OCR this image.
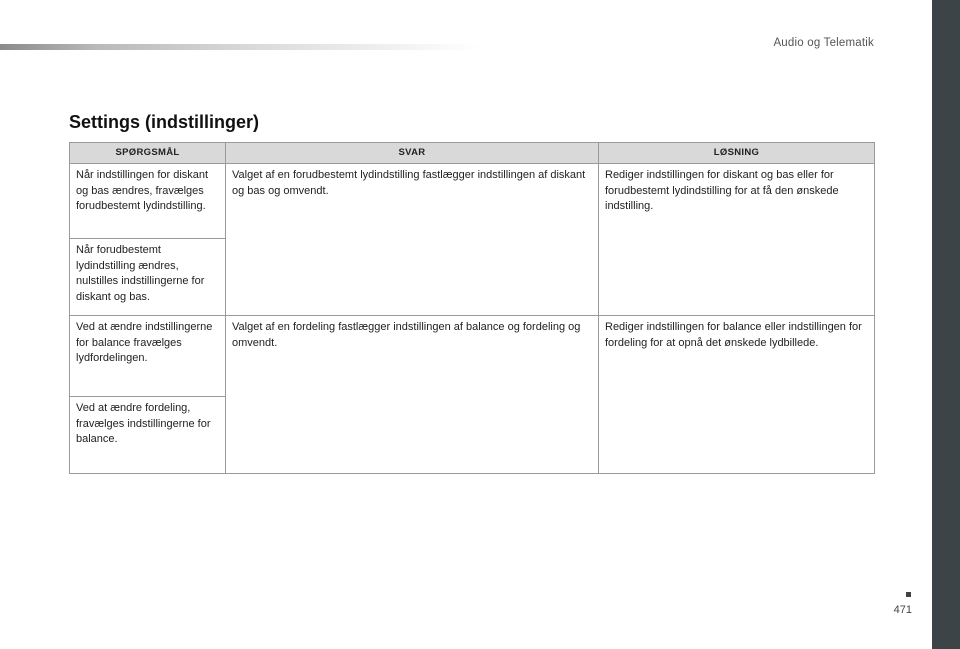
Audio og Telematik
Settings (indstillinger)
SPØRGSMÅL	SVAR	LØSNING
Når indstillingen for diskant og bas ændres, fravælges forudbestemt lydindstilling.	Valget af en forudbestemt lydindstilling fastlægger indstillingen af diskant og bas og omvendt.	Rediger indstillingen for diskant og bas eller for forudbestemt lydindstilling for at få den ønskede indstilling.
Når forudbestemt lydindstilling ændres, nulstilles indstillingerne for diskant og bas.		
Ved at ændre indstillingerne for balance fravælges lydfordelingen.	Valget af en fordeling fastlægger indstillingen af balance og fordeling og omvendt.	Rediger indstillingen for balance eller indstillingen for fordeling for at opnå det ønskede lydbillede.
Ved at ændre fordeling, fravælges indstillingerne for balance.		
471
